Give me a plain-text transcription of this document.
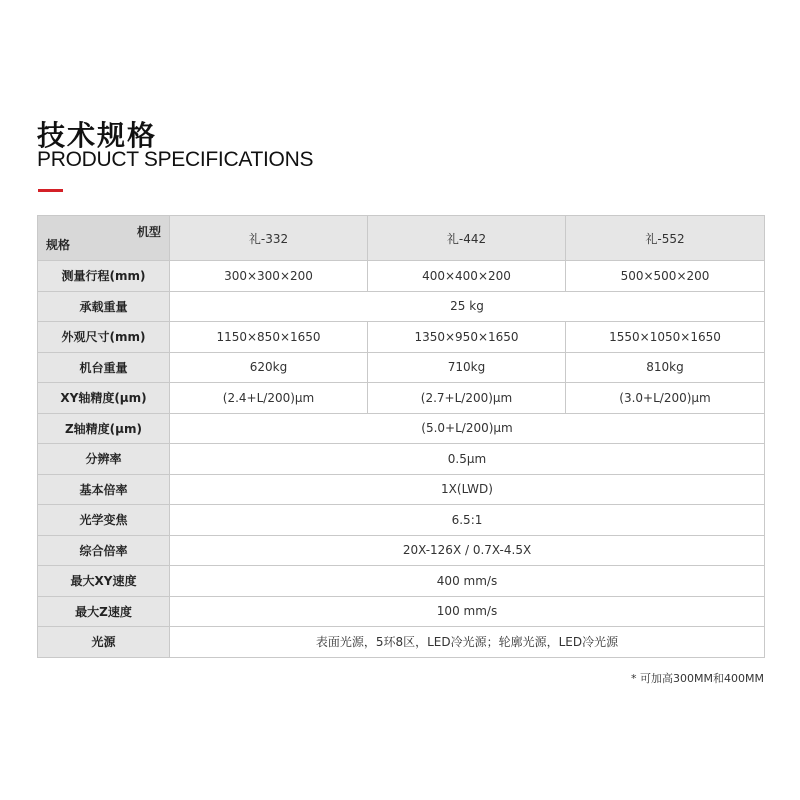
技术规格
PRODUCT SPECIFICATIONS
机型
规格	礼-332	礼-442	礼-552
测量行程(mm)	300×300×200	400×400×200	500×500×200
承载重量	25 kg		
外观尺寸(mm)	1150×850×1650	1350×950×1650	1550×1050×1650
机台重量	620kg	710kg	810kg
XY轴精度(μm)	(2.4+L/200)μm	(2.7+L/200)μm	(3.0+L/200)μm
Z轴精度(μm)	(5.0+L/200)μm		
分辨率	0.5μm		
基本倍率	1X(LWD)		
光学变焦	6.5:1		
综合倍率	20X-126X / 0.7X-4.5X		
最大XY速度	400 mm/s		
最大Z速度	100 mm/s		
光源	表面光源，5环8区，LED冷光源；轮廓光源，LED冷光源		
* 可加高300MM和400MM
